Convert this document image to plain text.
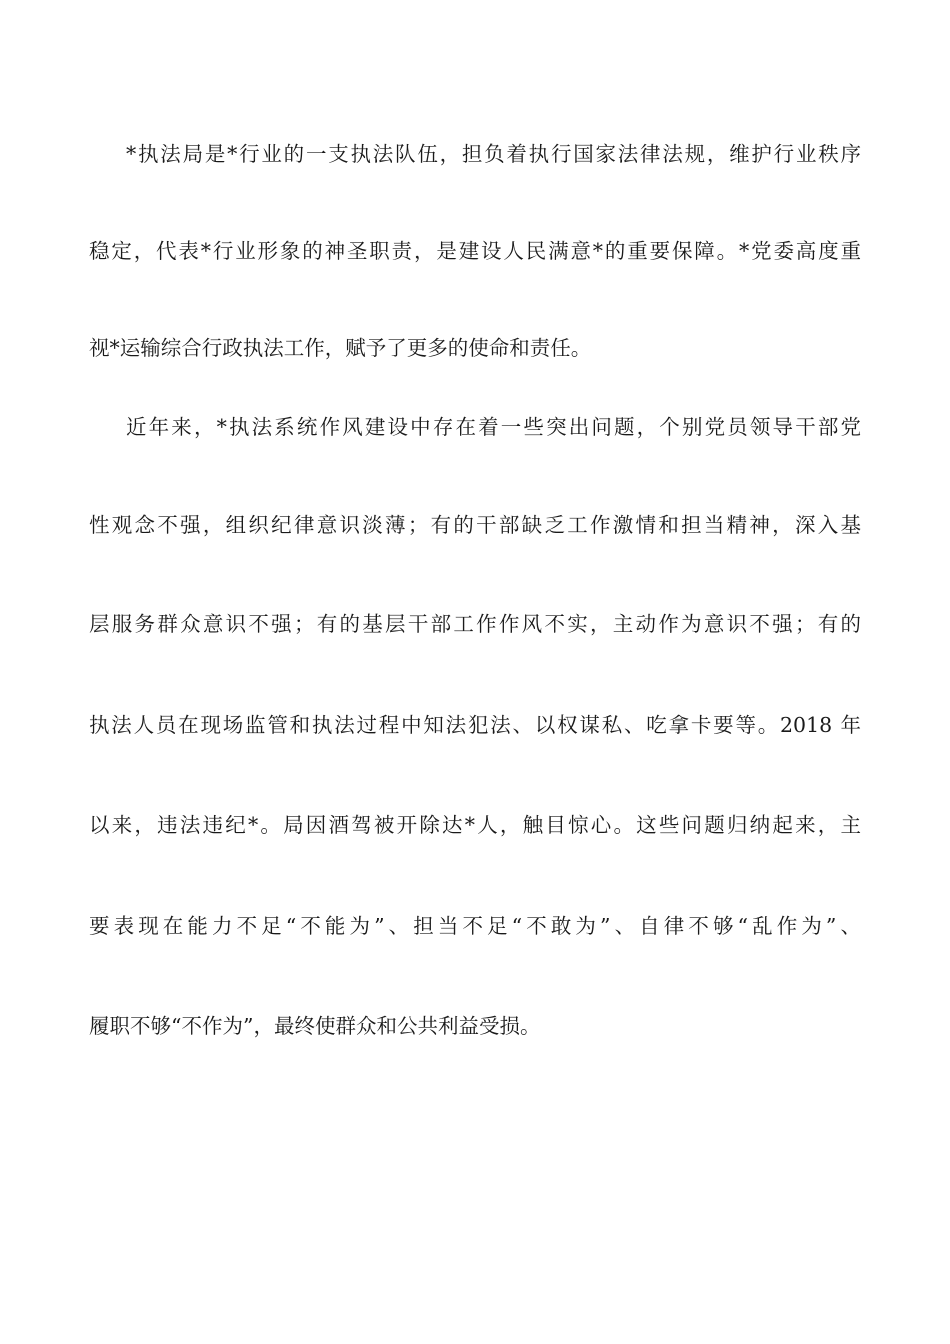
*执法局是*行业的一支执法队伍，担负着执行国家法律法规，维护行业秩序
稳定，代表*行业形象的神圣职责，是建设人民满意*的重要保障。*党委高度重
视*运输综合行政执法工作，赋予了更多的使命和责任。
近年来，*执法系统作风建设中存在着一些突出问题，个别党员领导干部党
性观念不强，组织纪律意识淡薄；有的干部缺乏工作激情和担当精神，深入基
层服务群众意识不强；有的基层干部工作作风不实，主动作为意识不强；有的
执法人员在现场监管和执法过程中知法犯法、以权谋私、吃拿卡要等。2018 年
以来，违法违纪*。局因酒驾被开除达*人，触目惊心。这些问题归纳起来，主
要表现在能力不足“不能为”、担当不足“不敢为”、自律不够“乱作为”、
履职不够“不作为”，最终使群众和公共利益受损。
